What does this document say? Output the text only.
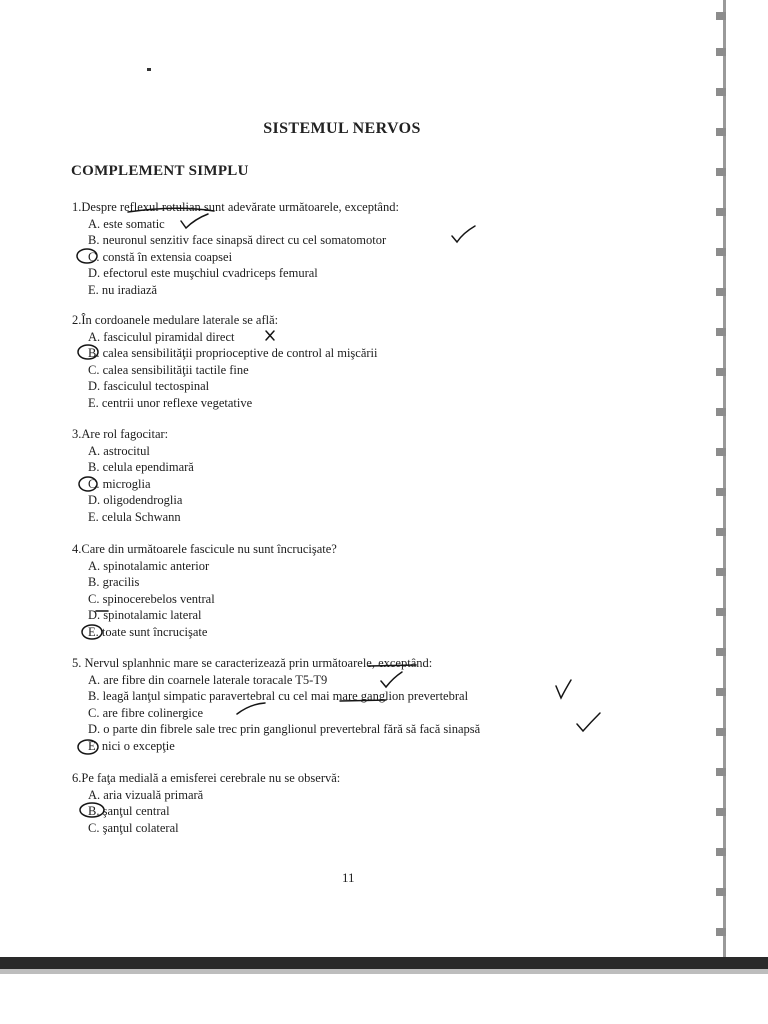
SISTEMUL NERVOS
COMPLEMENT SIMPLU
1.Despre reflexul rotulian sunt adevărate următoarele, exceptând:
A. este somatic
B. neuronul senzitiv face sinapsă direct cu cel somatomotor
C. constă în extensia coapsei
D. efectorul este muşchiul cvadriceps femural
E. nu iradiază
2.În cordoanele medulare laterale se află:
A. fasciculul piramidal direct
B. calea sensibilităţii proprioceptive de control al mişcării
C. calea sensibilităţii tactile fine
D. fasciculul tectospinal
E. centrii unor reflexe vegetative
3.Are rol fagocitar:
A. astrocitul
B. celula ependimară
C. microglia
D. oligodendroglia
E. celula Schwann
4.Care din următoarele fascicule nu sunt încrucişate?
A. spinotalamic anterior
B. gracilis
C. spinocerebelos ventral
D. spinotalamic lateral
E. toate sunt încrucişate
5. Nervul splanhnic mare se caracterizează prin următoarele, exceptând:
A. are fibre din coarnele laterale toracale T5-T9
B. leagă lanţul simpatic paravertebral cu cel mai mare ganglion prevertebral
C. are fibre colinergice
D. o parte din fibrele sale trec prin ganglionul prevertebral fără să facă sinapsă
E. nici o excepţie
6.Pe faţa medială a emisferei cerebrale nu se observă:
A. aria vizuală primară
B. şanţul central
C. şanţul colateral
11
